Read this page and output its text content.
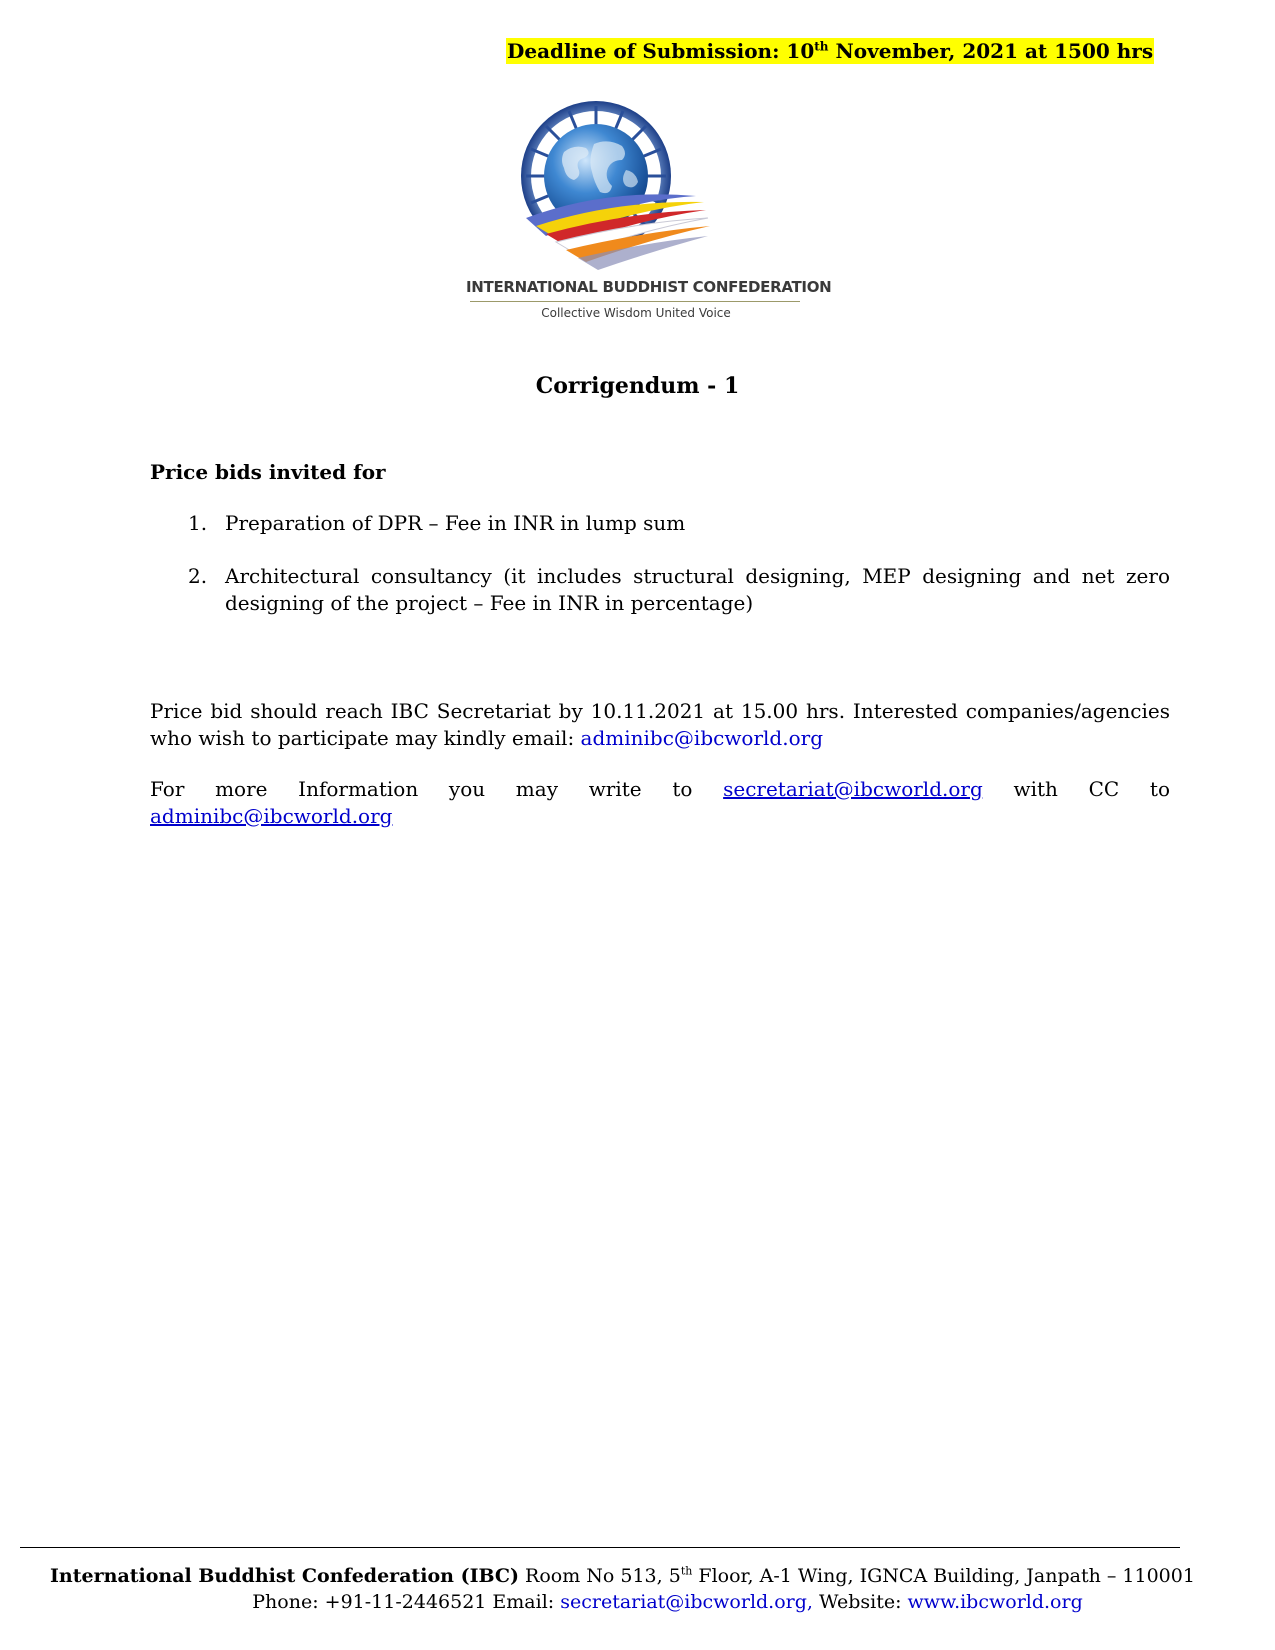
Deadline of Submission: 10th November, 2021 at 1500 hrs
INTERNATIONAL BUDDHIST CONFEDERATION
Collective Wisdom United Voice
Corrigendum - 1
Price bids invited for
1. Preparation of DPR – Fee in INR in lump sum
2. Architectural consultancy (it includes structural designing, MEP designing and net zero designing of the project – Fee in INR in percentage)
Price bid should reach IBC Secretariat by 10.11.2021 at 15.00 hrs. Interested companies/agencies who wish to participate may kindly email: adminibc@ibcworld.org
For more Information you may write to secretariat@ibcworld.org with CC to adminibc@ibcworld.org
International Buddhist Confederation (IBC) Room No 513, 5th Floor, A-1 Wing, IGNCA Building, Janpath – 110001
Phone: +91-11-2446521 Email: secretariat@ibcworld.org, Website: www.ibcworld.org
